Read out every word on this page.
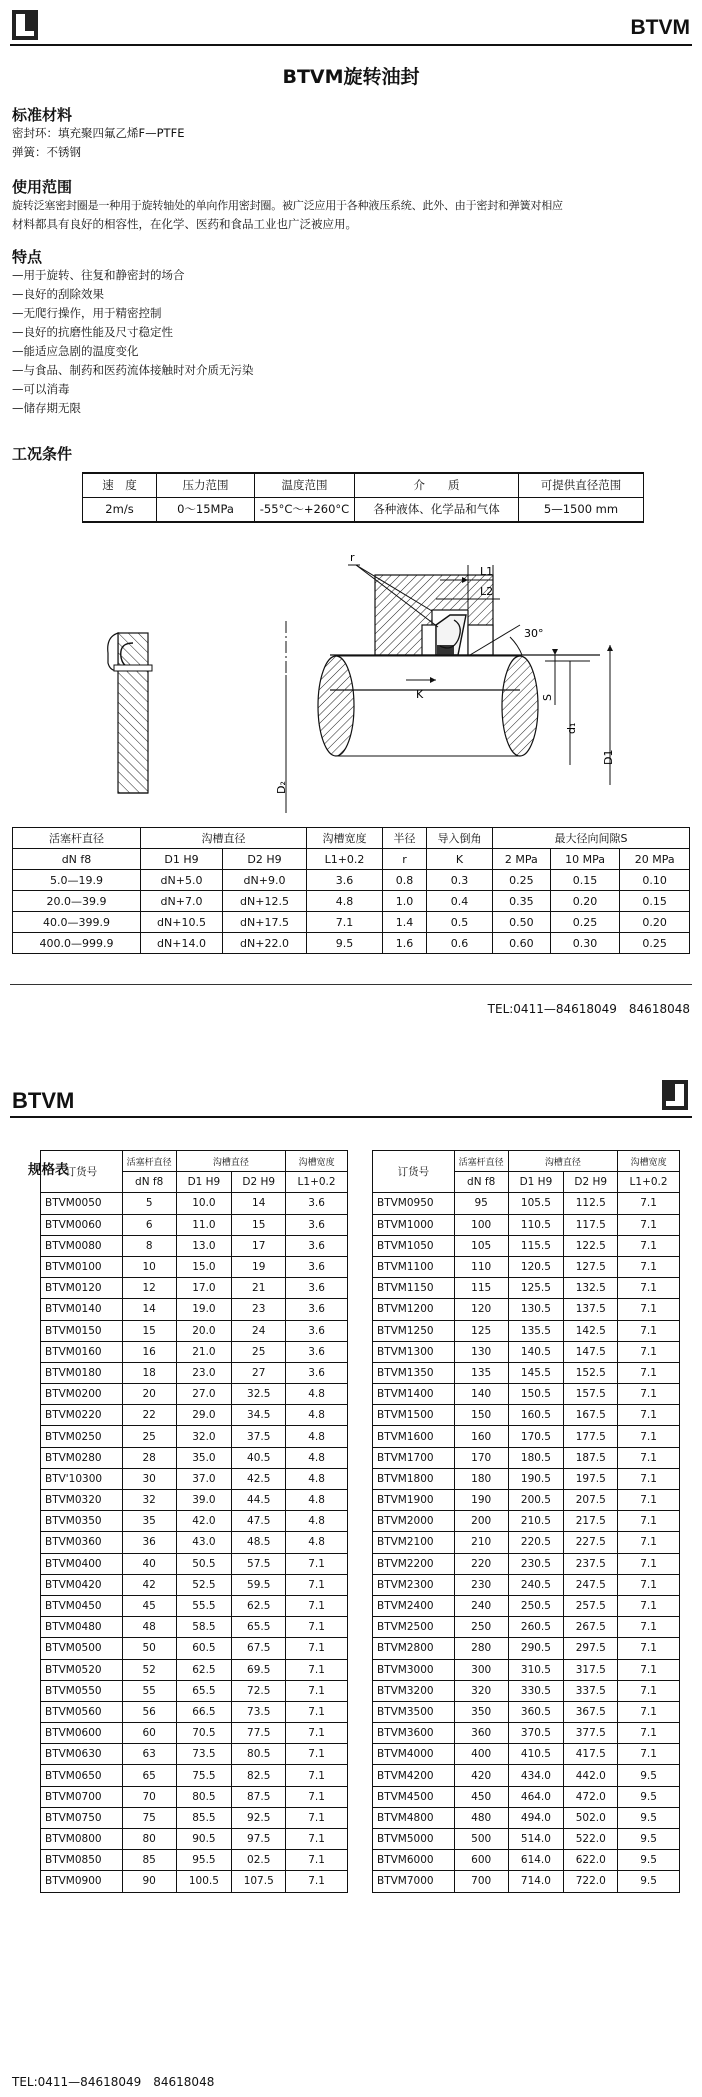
BTVM
BTVM旋转油封
标准材料
密封环：填充聚四氟乙烯F—PTFE
弹簧：不锈钢
使用范围
旋转泛塞密封圈是一种用于旋转轴处的单向作用密封圈。被广泛应用于各种液压系统、此外、由于密封和弹簧对相应
材料都具有良好的相容性，在化学、医药和食品工业也广泛被应用。
特点
—用于旋转、往复和静密封的场合
—良好的刮除效果
—无爬行操作，用于精密控制
—良好的抗磨性能及尺寸稳定性
—能适应急剧的温度变化
—与食品、制药和医药流体接触时对介质无污染
—可以消毒
—储存期无限
工况条件
速　度	压力范围	温度范围	介　　质	可提供直径范围
2m/s	0～15MPa	-55°C～+260°C	各种液体、化学品和气体	5—1500 mm
r
L1
L2
30°
K	S
d₁
D1
D₂
活塞杆直径	沟槽直径		沟槽宽度	半径	导入倒角	最大径向间隙S		
dN f8	D1 H9	D2 H9	L1+0.2	r	K	2 MPa	10 MPa	20 MPa
5.0—19.9	dN+5.0	dN+9.0	3.6	0.8	0.3	0.25	0.15	0.10
20.0—39.9	dN+7.0	dN+12.5	4.8	1.0	0.4	0.35	0.20	0.15
40.0—399.9	dN+10.5	dN+17.5	7.1	1.4	0.5	0.50	0.25	0.20
400.0—999.9	dN+14.0	dN+22.0	9.5	1.6	0.6	0.60	0.30	0.25
TEL:0411—84618049　84618048
BTVM
规格表
订货号	活塞杆直径	沟槽直径		沟槽宽度
	dN f8	D1 H9	D2 H9	L1+0.2
BTVM0050	5	10.0	14	3.6
BTVM0060	6	11.0	15	3.6
BTVM0080	8	13.0	17	3.6
BTVM0100	10	15.0	19	3.6
BTVM0120	12	17.0	21	3.6
BTVM0140	14	19.0	23	3.6
BTVM0150	15	20.0	24	3.6
BTVM0160	16	21.0	25	3.6
BTVM0180	18	23.0	27	3.6
BTVM0200	20	27.0	32.5	4.8
BTVM0220	22	29.0	34.5	4.8
BTVM0250	25	32.0	37.5	4.8
BTVM0280	28	35.0	40.5	4.8
BTV'10300	30	37.0	42.5	4.8
BTVM0320	32	39.0	44.5	4.8
BTVM0350	35	42.0	47.5	4.8
BTVM0360	36	43.0	48.5	4.8
BTVM0400	40	50.5	57.5	7.1
BTVM0420	42	52.5	59.5	7.1
BTVM0450	45	55.5	62.5	7.1
BTVM0480	48	58.5	65.5	7.1
BTVM0500	50	60.5	67.5	7.1
BTVM0520	52	62.5	69.5	7.1
BTVM0550	55	65.5	72.5	7.1
BTVM0560	56	66.5	73.5	7.1
BTVM0600	60	70.5	77.5	7.1
BTVM0630	63	73.5	80.5	7.1
BTVM0650	65	75.5	82.5	7.1
BTVM0700	70	80.5	87.5	7.1
BTVM0750	75	85.5	92.5	7.1
BTVM0800	80	90.5	97.5	7.1
BTVM0850	85	95.5	02.5	7.1
BTVM0900	90	100.5	107.5	7.1
订货号	活塞杆直径	沟槽直径		沟槽宽度
	dN f8	D1 H9	D2 H9	L1+0.2
BTVM0950	95	105.5	112.5	7.1
BTVM1000	100	110.5	117.5	7.1
BTVM1050	105	115.5	122.5	7.1
BTVM1100	110	120.5	127.5	7.1
BTVM1150	115	125.5	132.5	7.1
BTVM1200	120	130.5	137.5	7.1
BTVM1250	125	135.5	142.5	7.1
BTVM1300	130	140.5	147.5	7.1
BTVM1350	135	145.5	152.5	7.1
BTVM1400	140	150.5	157.5	7.1
BTVM1500	150	160.5	167.5	7.1
BTVM1600	160	170.5	177.5	7.1
BTVM1700	170	180.5	187.5	7.1
BTVM1800	180	190.5	197.5	7.1
BTVM1900	190	200.5	207.5	7.1
BTVM2000	200	210.5	217.5	7.1
BTVM2100	210	220.5	227.5	7.1
BTVM2200	220	230.5	237.5	7.1
BTVM2300	230	240.5	247.5	7.1
BTVM2400	240	250.5	257.5	7.1
BTVM2500	250	260.5	267.5	7.1
BTVM2800	280	290.5	297.5	7.1
BTVM3000	300	310.5	317.5	7.1
BTVM3200	320	330.5	337.5	7.1
BTVM3500	350	360.5	367.5	7.1
BTVM3600	360	370.5	377.5	7.1
BTVM4000	400	410.5	417.5	7.1
BTVM4200	420	434.0	442.0	9.5
BTVM4500	450	464.0	472.0	9.5
BTVM4800	480	494.0	502.0	9.5
BTVM5000	500	514.0	522.0	9.5
BTVM6000	600	614.0	622.0	9.5
BTVM7000	700	714.0	722.0	9.5
TEL:0411—84618049　84618048
